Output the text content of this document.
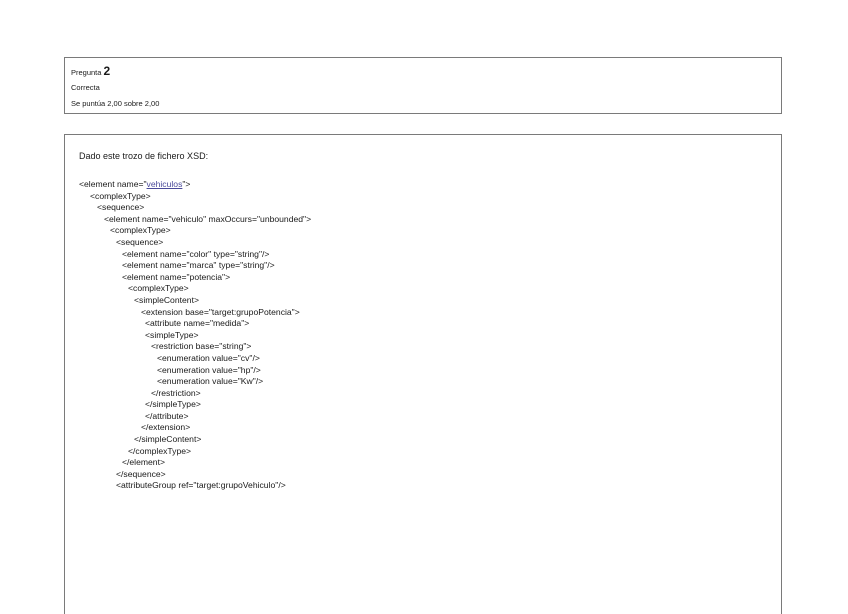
Pregunta 2
Correcta
Se puntúa 2,00 sobre 2,00
Dado este trozo de fichero XSD:
<element name="vehiculos">
<complexType>
<sequence>
<element name="vehiculo" maxOccurs="unbounded">
<complexType>
<sequence>
<element name="color" type="string"/>
<element name="marca" type="string"/>
<element name="potencia">
<complexType>
<simpleContent>
<extension base="target:grupoPotencia">
<attribute name="medida">
<simpleType>
<restriction base="string">
<enumeration value="cv"/>
<enumeration value="hp"/>
<enumeration value="Kw"/>
</restriction>
</simpleType>
</attribute>
</extension>
</simpleContent>
</complexType>
</element>
</sequence>
<attributeGroup ref="target:grupoVehiculo"/>
